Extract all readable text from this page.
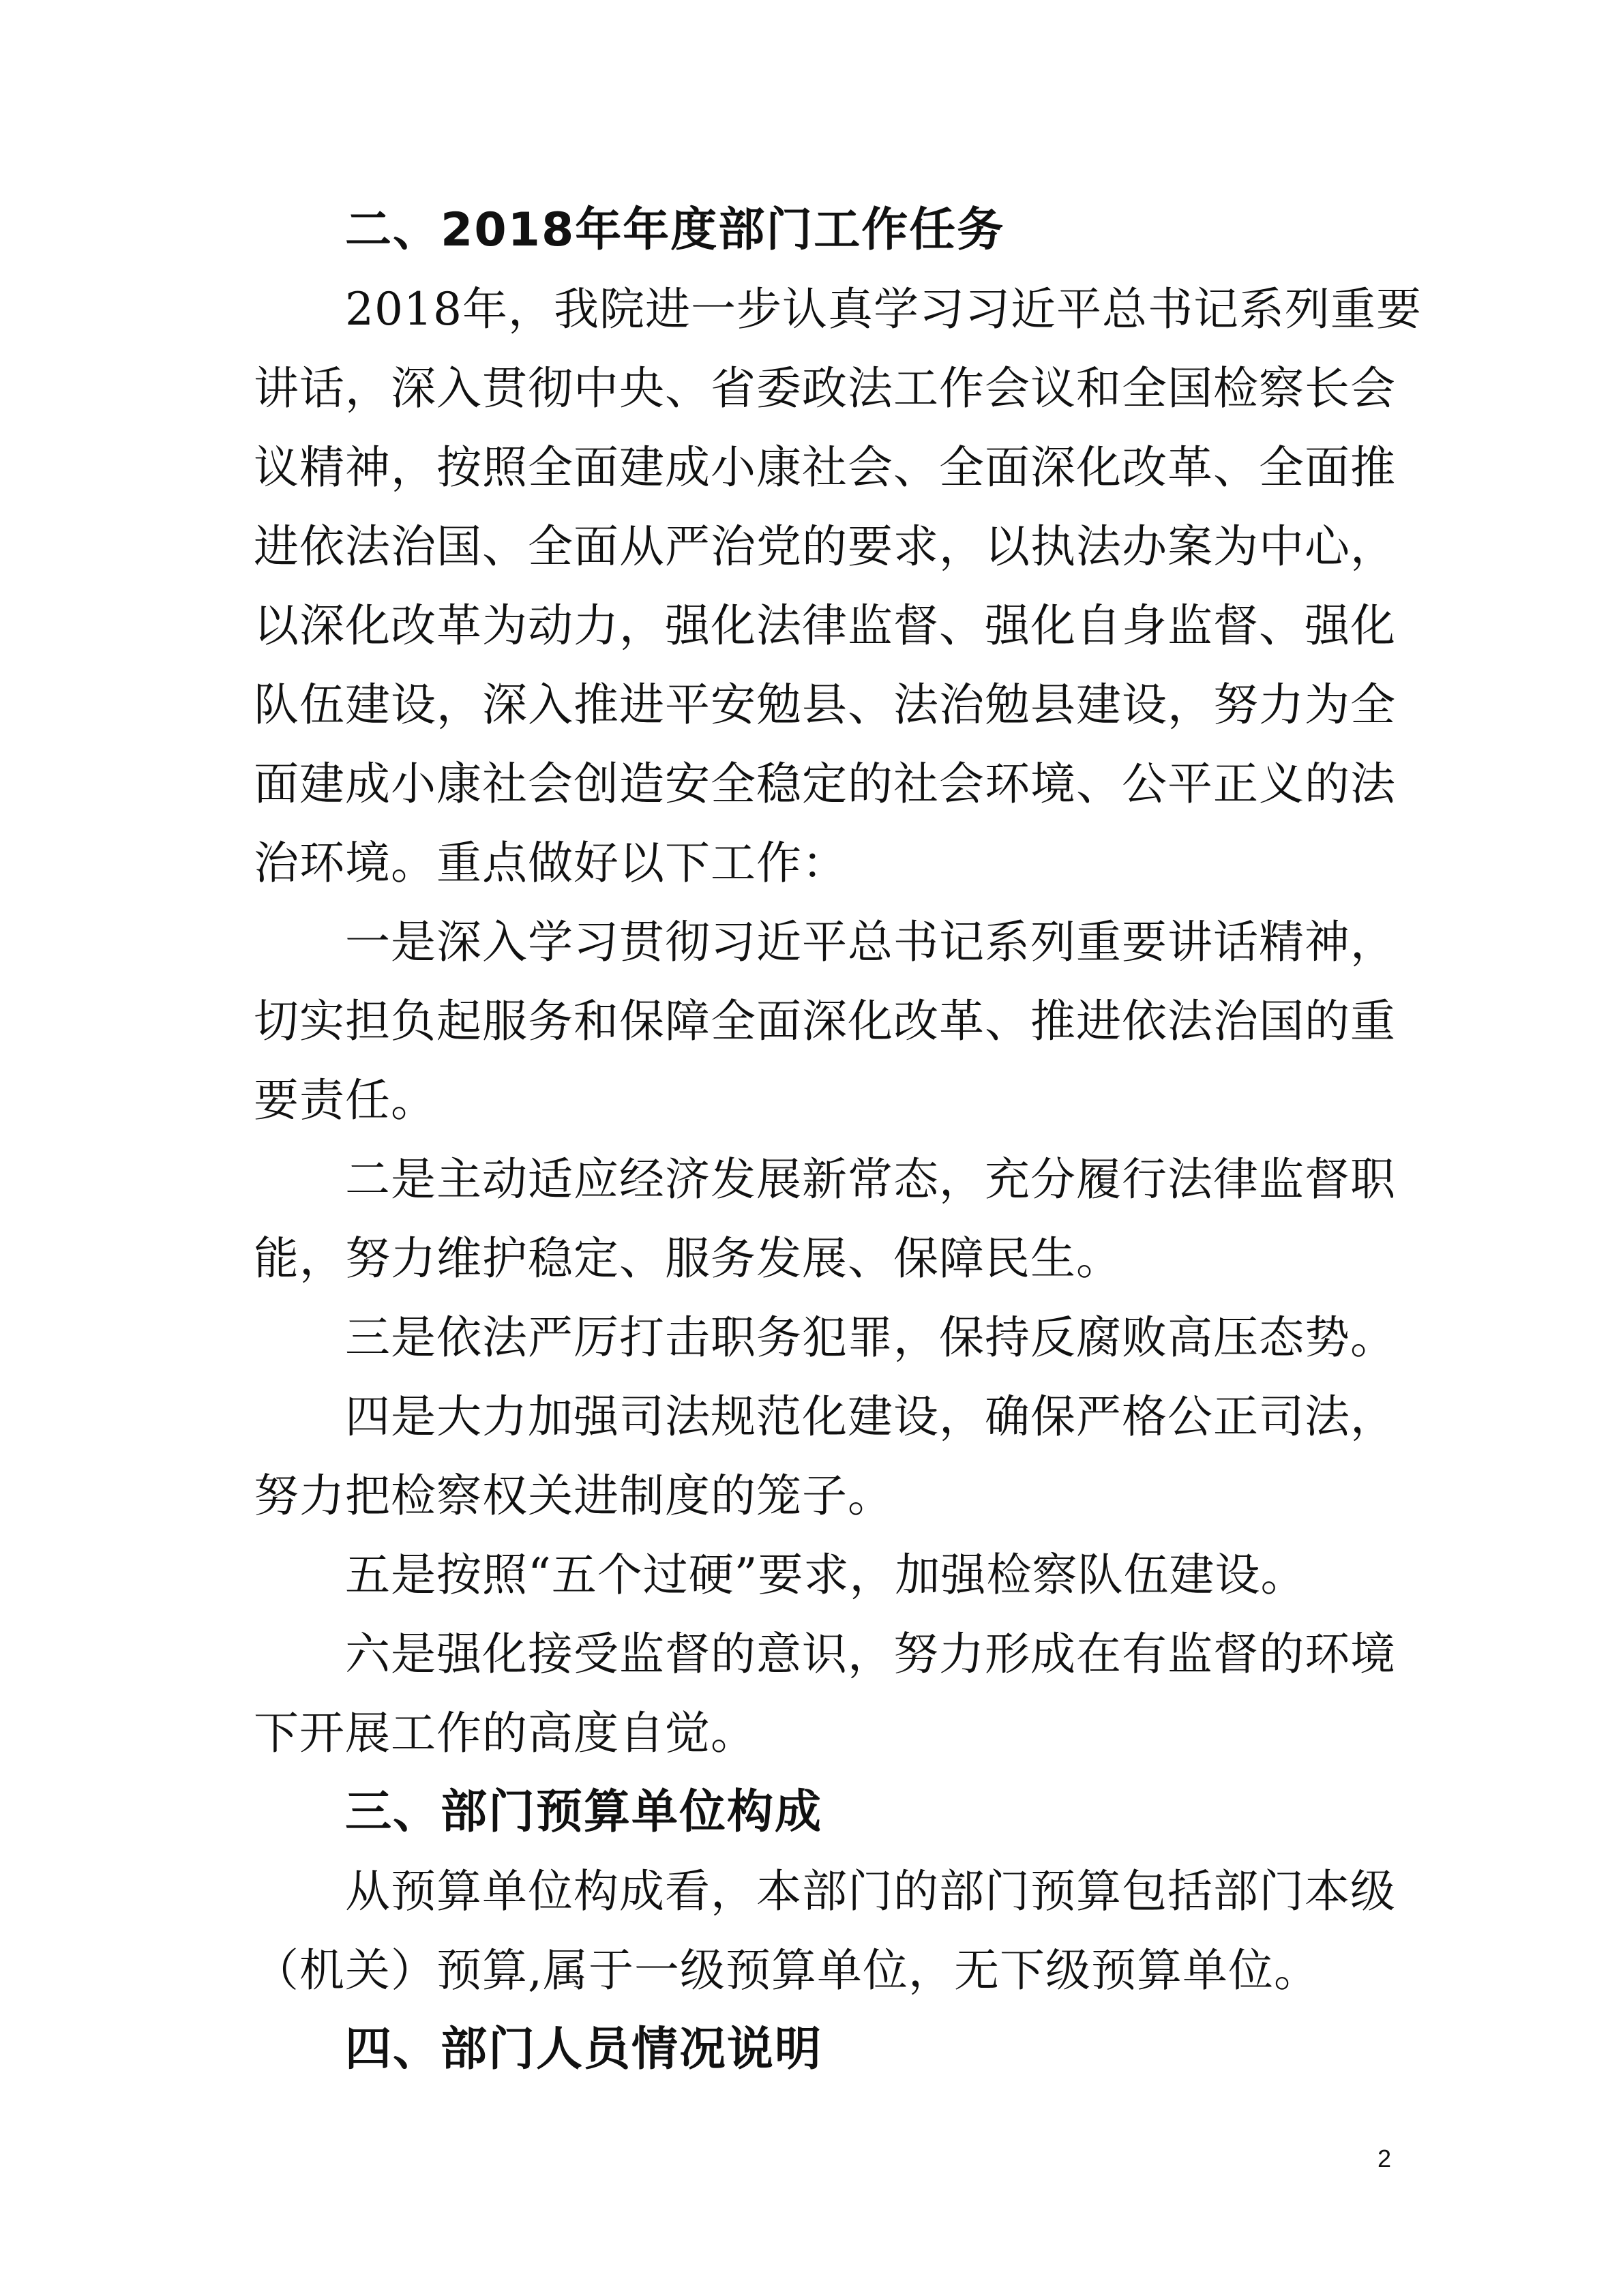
二、2018年年度部门工作任务

2018年，我院进一步认真学习习近平总书记系列重要
讲话，深入贯彻中央、省委政法工作会议和全国检察长会
议精神，按照全面建成小康社会、全面深化改革、全面推
进依法治国、全面从严治党的要求，以执法办案为中心，
以深化改革为动力，强化法律监督、强化自身监督、强化
队伍建设，深入推进平安勉县、法治勉县建设，努力为全
面建成小康社会创造安全稳定的社会环境、公平正义的法
治环境。重点做好以下工作：

一是深入学习贯彻习近平总书记系列重要讲话精神，
切实担负起服务和保障全面深化改革、推进依法治国的重
要责任。

二是主动适应经济发展新常态，充分履行法律监督职
能，努力维护稳定、服务发展、保障民生。

三是依法严厉打击职务犯罪，保持反腐败高压态势。

四是大力加强司法规范化建设，确保严格公正司法，
努力把检察权关进制度的笼子。

五是按照“五个过硬”要求，加强检察队伍建设。

六是强化接受监督的意识，努力形成在有监督的环境
下开展工作的高度自觉。

三、部门预算单位构成

从预算单位构成看，本部门的部门预算包括部门本级
（机关）预算,属于一级预算单位，无下级预算单位。

四、部门人员情况说明
2
